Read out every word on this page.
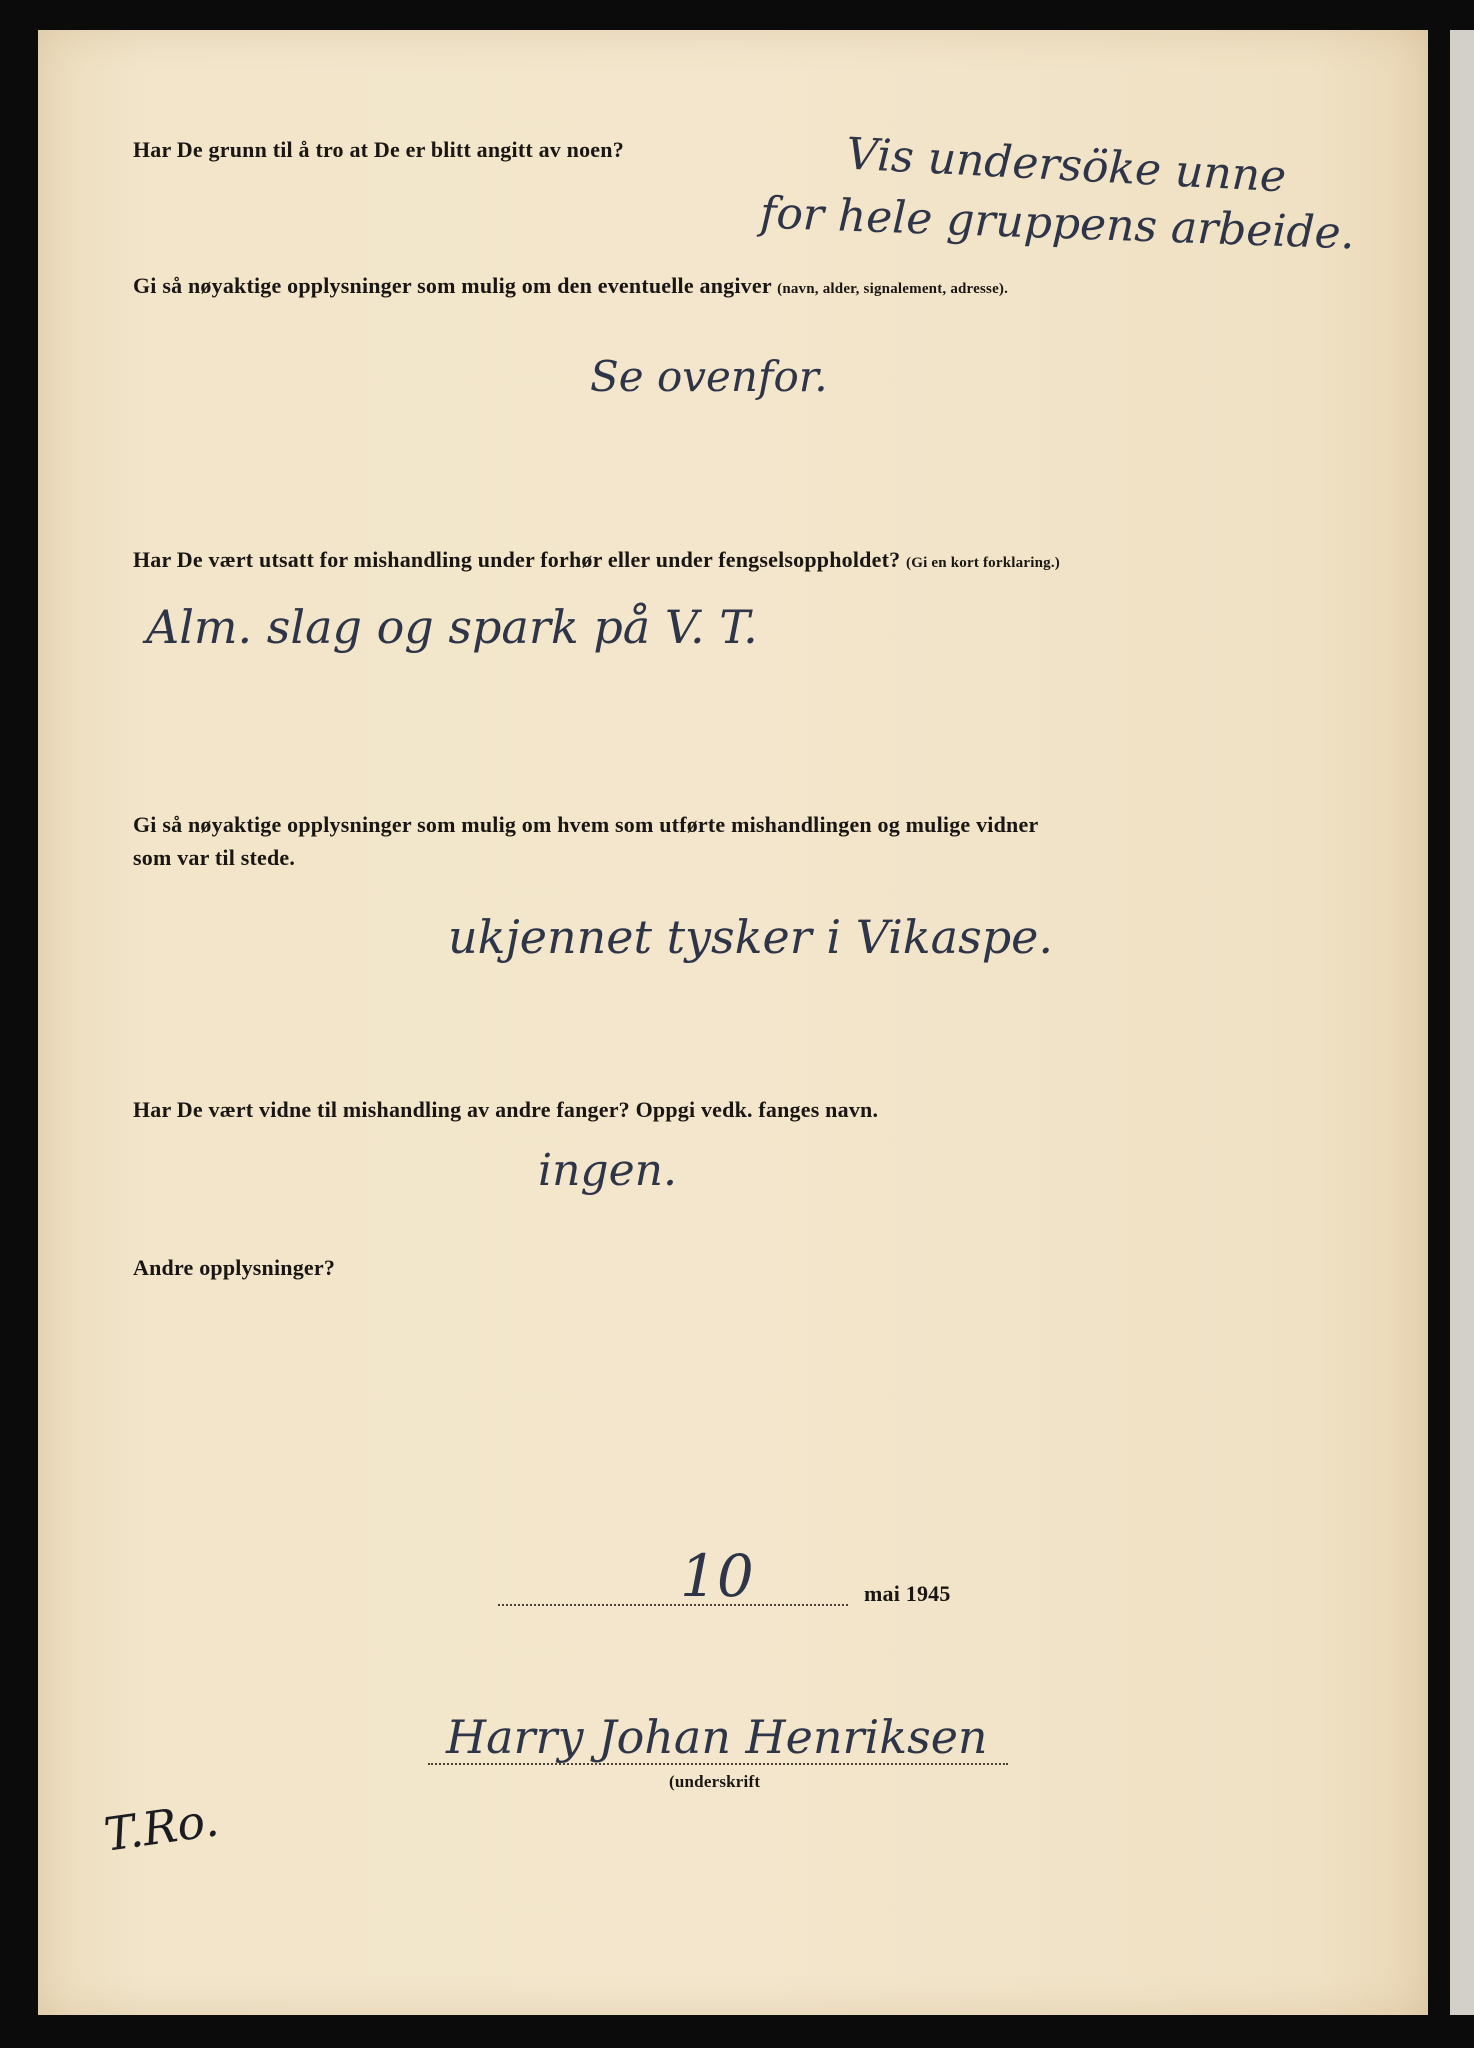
Har De grunn til å tro at De er blitt angitt av noen?	Vis undersöke unne
for hele gruppens arbeide.
Gi så nøyaktige opplysninger som mulig om den eventuelle angiver (navn, alder, signalement, adresse).
Se ovenfor.
Har De vært utsatt for mishandling under forhør eller under fengselsoppholdet? (Gi en kort forklaring.)
Alm. slag og spark på V. T.
Gi så nøyaktige opplysninger som mulig om hvem som utførte mishandlingen og mulige vidner
som var til stede.
ukjennet tysker i Vikaspe.
Har De vært vidne til mishandling av andre fanger? Oppgi vedk. fanges navn.
ingen.
Andre opplysninger?
10	mai 1945
Harry Johan Henriksen
(underskrift
T.Ro.
